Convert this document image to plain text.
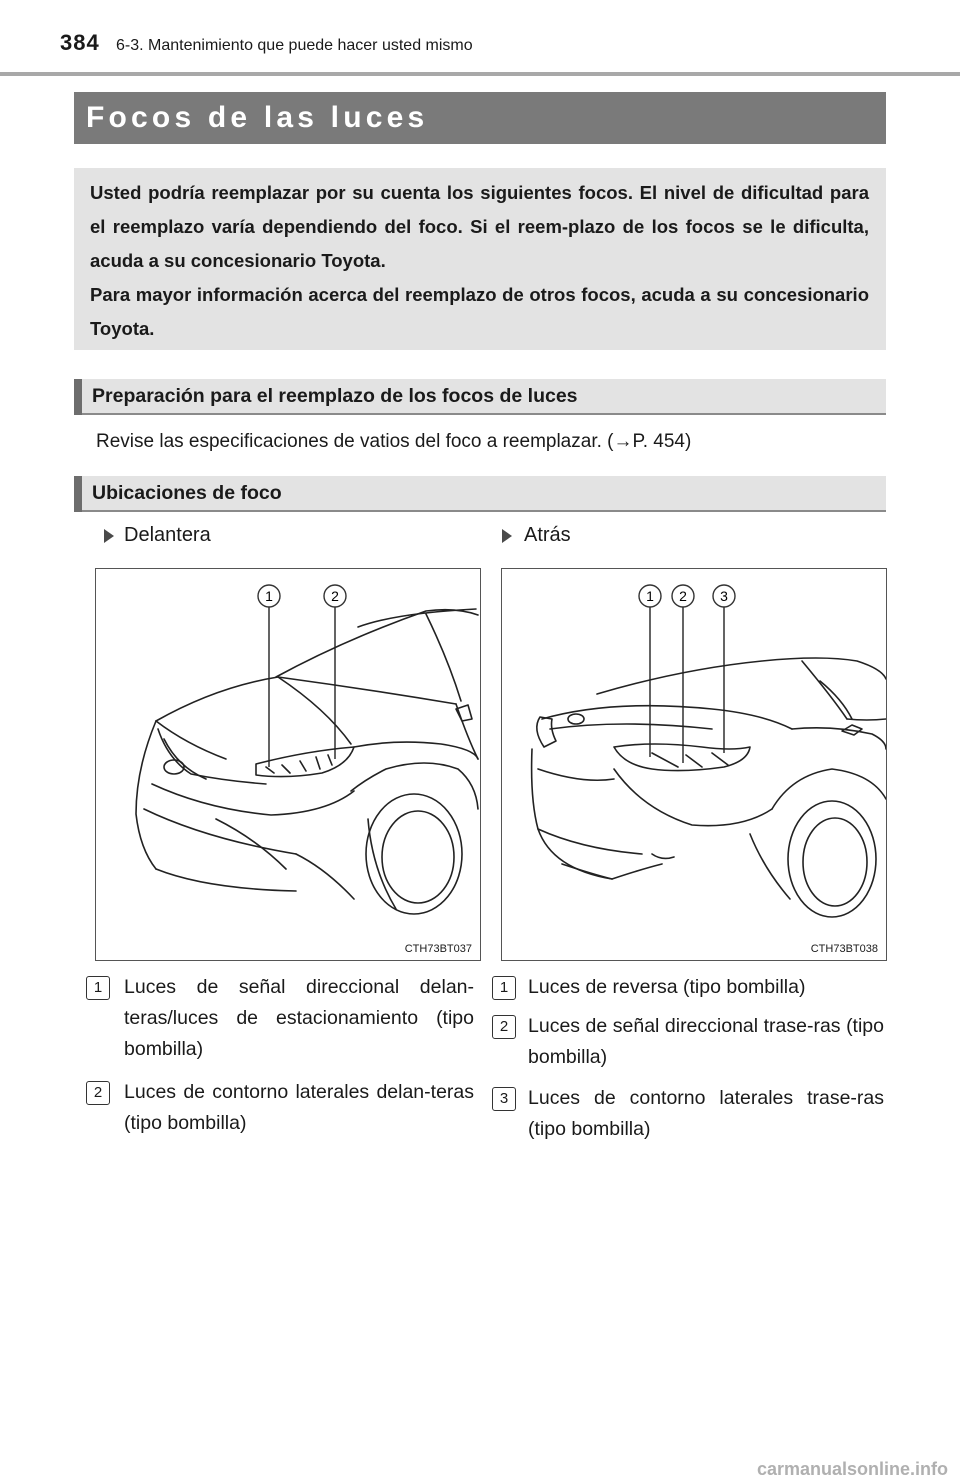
384 6-3. Mantenimiento que puede hacer usted mismo
Focos de las luces
Usted podría reemplazar por su cuenta los siguientes focos. El nivel de dificultad para el reemplazo varía dependiendo del foco. Si el reem-plazo de los focos se le dificulta, acuda a su concesionario Toyota.
Para mayor información acerca del reemplazo de otros focos, acuda a su concesionario Toyota.
Preparación para el reemplazo de los focos de luces
Revise las especificaciones de vatios del foco a reemplazar. (→P. 454)
Ubicaciones de foco
Delantera	Atrás
1	2
CTH73BT037
1 2 3
CTH73BT038
1	Luces de señal direccional delan-teras/luces de estacionamiento (tipo bombilla)
2	Luces de contorno laterales delan-teras (tipo bombilla)
1	Luces de reversa (tipo bombilla)
2	Luces de señal direccional trase-ras (tipo bombilla)
3	Luces de contorno laterales trase-ras (tipo bombilla)
carmanualsonline.info
